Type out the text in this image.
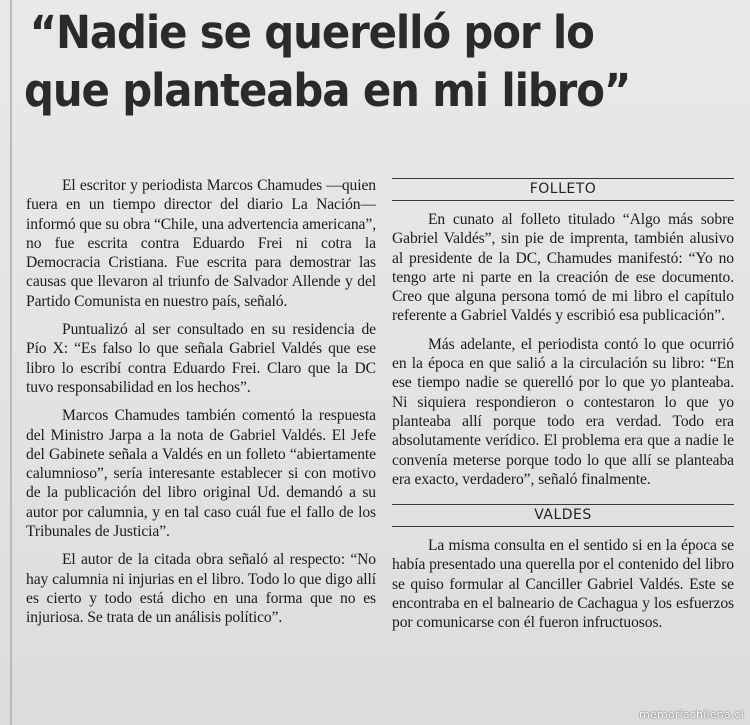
“Nadie se querelló por lo
que planteaba en mi libro”

El escritor y periodista Marcos Chamudes —quien fuera en un tiempo director del diario La Nación— informó que su obra “Chile, una advertencia americana”, no fue escrita contra Eduardo Frei ni cotra la Democracia Cristiana. Fue escrita para demostrar las causas que llevaron al triunfo de Salvador Allende y del Partido Comunista en nuestro país, señaló.

Puntualizó al ser consultado en su residencia de Pío X: “Es falso lo que señala Gabriel Valdés que ese libro lo escribí contra Eduardo Frei. Claro que la DC tuvo responsabilidad en los hechos”.

Marcos Chamudes también comentó la respuesta del Ministro Jarpa a la nota de Gabriel Valdés. El Jefe del Gabinete señala a Valdés en un folleto “abiertamente calumnioso”, sería interesante establecer si con motivo de la publicación del libro original Ud. demandó a su autor por calumnia, y en tal caso cuál fue el fallo de los Tribunales de Justicia”.

El autor de la citada obra señaló al respecto: “No hay calumnia ni injurias en el libro. Todo lo que digo allí es cierto y todo está dicho en una forma que no es injuriosa. Se trata de un análisis político”.

FOLLETO

En cunato al folleto titulado “Algo más sobre Gabriel Valdés”, sin pie de imprenta, también alusivo al presidente de la DC, Chamudes manifestó: “Yo no tengo arte ni parte en la creación de ese documento. Creo que alguna persona tomó de mi libro el capítulo referente a Gabriel Valdés y escribió esa publicación”.

Más adelante, el periodista contó lo que ocurrió en la época en que salió a la circulación su libro: “En ese tiempo nadie se querelló por lo que yo planteaba. Ni siquiera respondieron o contestaron lo que yo planteaba allí porque todo era verdad. Todo era absolutamente verídico. El problema era que a nadie le convenía meterse porque todo lo que allí se planteaba era exacto, verdadero”, señaló finalmente.

VALDES

La misma consulta en el sentido si en la época se había presentado una querella por el contenido del libro se quiso formular al Canciller Gabriel Valdés. Este se encontraba en el balneario de Cachagua y los esfuerzos por comunicarse con él fueron infructuosos.

memoriachilena.cl
